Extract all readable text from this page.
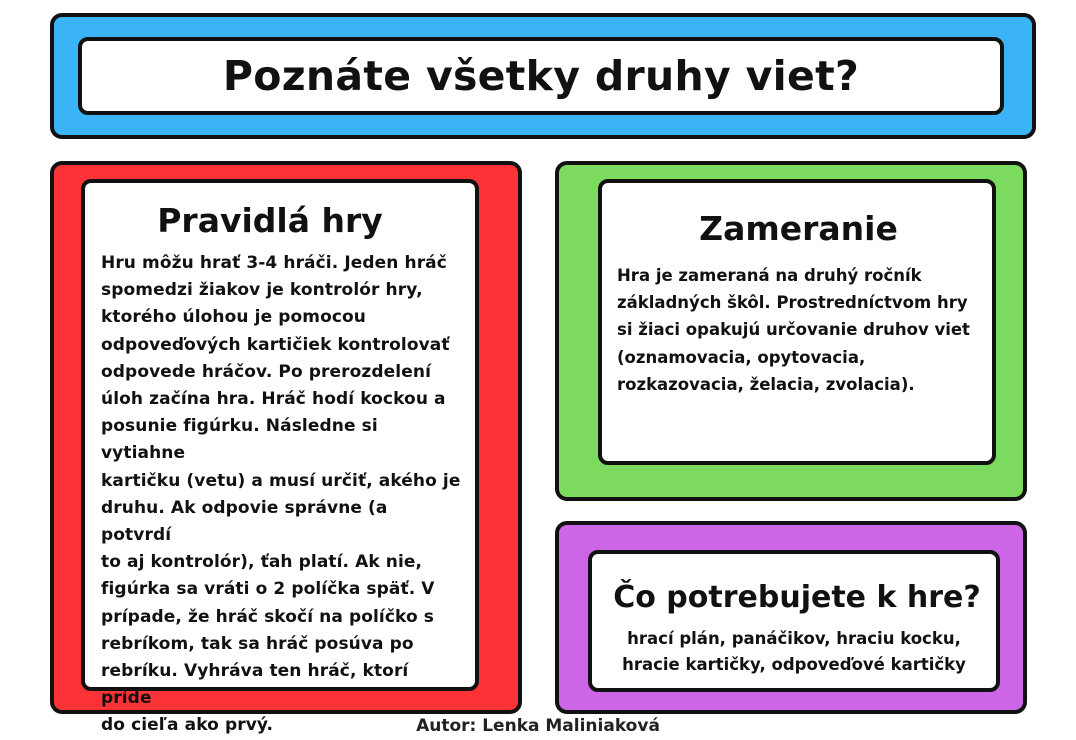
Poznáte všetky druhy viet?
Pravidlá hry
Hru môžu hrať 3-4 hráči. Jeden hráč
spomedzi žiakov je kontrolór hry,
ktorého úlohou je pomocou
odpoveďových kartičiek kontrolovať
odpovede hráčov. Po prerozdelení
úloh začína hra. Hráč hodí kockou a
posunie figúrku. Následne si vytiahne
kartičku (vetu) a musí určiť, akého je
druhu. Ak odpovie správne (a potvrdí
to aj kontrolór), ťah platí. Ak nie,
figúrka sa vráti o 2 políčka späť. V
prípade, že hráč skočí na políčko s
rebríkom, tak sa hráč posúva po
rebríku. Vyhráva ten hráč, ktorí príde
do cieľa ako prvý.
Zameranie
Hra je zameraná na druhý ročník
základných škôl. Prostredníctvom hry
si žiaci opakujú určovanie druhov viet
(oznamovacia, opytovacia,
rozkazovacia, želacia, zvolacia).
Čo potrebujete k hre?
hrací plán, panáčikov, hraciu kocku,
hracie kartičky, odpoveďové kartičky
Autor: Lenka Maliniaková
